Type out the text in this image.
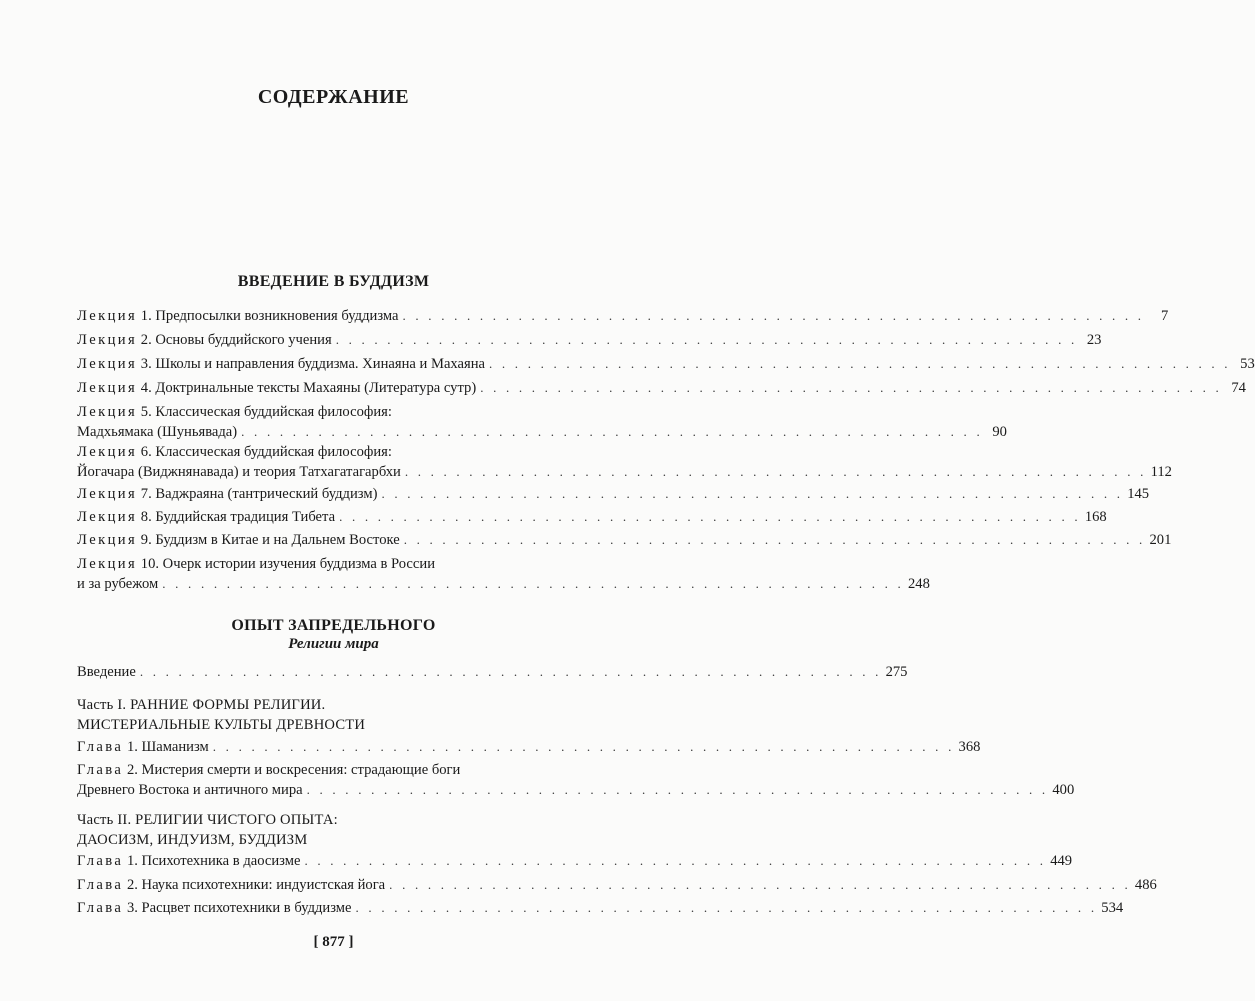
СОДЕРЖАНИЕ
ВВЕДЕНИЕ В БУДДИЗМ
Лекция 1. Предпосылки возникновения буддизма . . . . . . . . . . . . . . . . . . . . . . . . . . . . . . . . . . . . . . . . . . . . . . . . . . . . . . . . . .	7
Лекция 2. Основы буддийского учения . . . . . . . . . . . . . . . . . . . . . . . . . . . . . . . . . . . . . . . . . . . . . . . . . . . . . . . . . . 23
Лекция 3. Школы и направления буддизма. Хинаяна и Махаяна . . . . . . . . . . . . . . . . . . . . . . . . . . . . . . . . . . . . . . . . . . . . . . . . . . . . . . . . . . 53
Лекция 4. Доктринальные тексты Махаяны (Литература сутр) . . . . . . . . . . . . . . . . . . . . . . . . . . . . . . . . . . . . . . . . . . . . . . . . . . . . . . . . . . 74
Лекция 5. Классическая буддийская философия:
Мадхьямака (Шуньявада) . . . . . . . . . . . . . . . . . . . . . . . . . . . . . . . . . . . . . . . . . . . . . . . . . . . . . . . . . . 90
Лекция 6. Классическая буддийская философия:
Йогачара (Виджнянавада) и теория Татхагатагарбхи . . . . . . . . . . . . . . . . . . . . . . . . . . . . . . . . . . . . . . . . . . . . . . . . . . . . . . . . . . 112
Лекция 7. Ваджраяна (тантрический буддизм) . . . . . . . . . . . . . . . . . . . . . . . . . . . . . . . . . . . . . . . . . . . . . . . . . . . . . . . . . . 145
Лекция 8. Буддийская традиция Тибета . . . . . . . . . . . . . . . . . . . . . . . . . . . . . . . . . . . . . . . . . . . . . . . . . . . . . . . . . . 168
Лекция 9. Буддизм в Китае и на Дальнем Востоке . . . . . . . . . . . . . . . . . . . . . . . . . . . . . . . . . . . . . . . . . . . . . . . . . . . . . . . . . . 201
Лекция 10. Очерк истории изучения буддизма в России
и за рубежом . . . . . . . . . . . . . . . . . . . . . . . . . . . . . . . . . . . . . . . . . . . . . . . . . . . . . . . . . . 248
ОПЫТ ЗАПРЕДЕЛЬНОГО
Религии мира
Введение . . . . . . . . . . . . . . . . . . . . . . . . . . . . . . . . . . . . . . . . . . . . . . . . . . . . . . . . . . 275
Часть I. РАННИЕ ФОРМЫ РЕЛИГИИ.
МИСТЕРИАЛЬНЫЕ КУЛЬТЫ ДРЕВНОСТИ
Глава 1. Шаманизм . . . . . . . . . . . . . . . . . . . . . . . . . . . . . . . . . . . . . . . . . . . . . . . . . . . . . . . . . . 368
Глава 2. Мистерия смерти и воскресения: страдающие боги
Древнего Востока и античного мира . . . . . . . . . . . . . . . . . . . . . . . . . . . . . . . . . . . . . . . . . . . . . . . . . . . . . . . . . . 400
Часть II. РЕЛИГИИ ЧИСТОГО ОПЫТА:
ДАОСИЗМ, ИНДУИЗМ, БУДДИЗМ
Глава 1. Психотехника в даосизме . . . . . . . . . . . . . . . . . . . . . . . . . . . . . . . . . . . . . . . . . . . . . . . . . . . . . . . . . . 449
Глава 2. Наука психотехники: индуистская йога . . . . . . . . . . . . . . . . . . . . . . . . . . . . . . . . . . . . . . . . . . . . . . . . . . . . . . . . . . 486
Глава 3. Расцвет психотехники в буддизме . . . . . . . . . . . . . . . . . . . . . . . . . . . . . . . . . . . . . . . . . . . . . . . . . . . . . . . . . . 534
[ 877 ]
